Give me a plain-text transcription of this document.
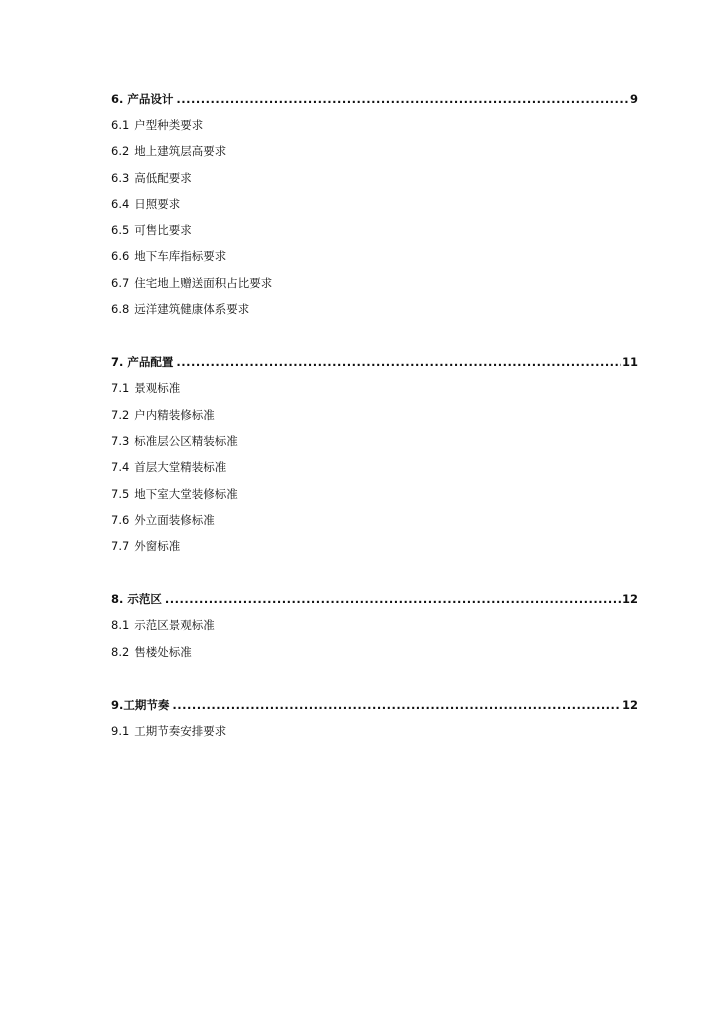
6. 产品设计 .....	9
6.1 户型种类要求
6.2 地上建筑层高要求
6.3 高低配要求
6.4 日照要求
6.5 可售比要求
6.6 地下车库指标要求
6.7 住宅地上赠送面积占比要求
6.8 远洋建筑健康体系要求
7. 产品配置 .....	11
7.1 景观标准
7.2 户内精装修标准
7.3 标准层公区精装标准
7.4 首层大堂精装标准
7.5 地下室大堂装修标准
7.6 外立面装修标准
7.7 外窗标准
8. 示范区 .....	12
8.1 示范区景观标准
8.2 售楼处标准
9.工期节奏 .....	12
9.1 工期节奏安排要求
